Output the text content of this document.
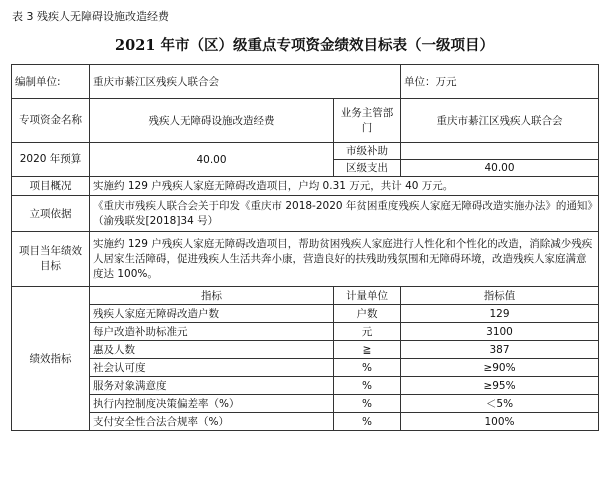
表 3 残疾人无障碍设施改造经费
2021 年市（区）级重点专项资金绩效目标表（一级项目）
编制单位:	重庆市綦江区残疾人联合会		单位：万元
专项资金名称	残疾人无障碍设施改造经费	业务主管部门	重庆市綦江区残疾人联合会
2020 年预算	40.00	市级补助	
		区级支出	40.00
项目概况	实施约 129 户残疾人家庭无障碍改造项目，户均 0.31 万元，共计 40 万元。		
立项依据	《重庆市残疾人联合会关于印发《重庆市 2018-2020 年贫困重度残疾人家庭无障碍改造实施办法》的通知》（渝残联发[2018]34 号）		
项目当年绩效目标	实施约 129 户残疾人家庭无障碍改造项目，帮助贫困残疾人家庭进行人性化和个性化的改造，消除减少残疾人居家生活障碍，促进残疾人生活共奔小康，营造良好的扶残助残氛围和无障碍环境，改造残疾人家庭满意度达 100%。		
绩效指标	指标	计量单位	指标值
	残疾人家庭无障碍改造户数	户数	129
	每户改造补助标准元	元	3100
	惠及人数	≧	387
	社会认可度	%	≥90%
	服务对象满意度	%	≥95%
	执行内控制度决策偏差率（%）	%	＜5%
	支付安全性合法合规率（%）	%	100%
